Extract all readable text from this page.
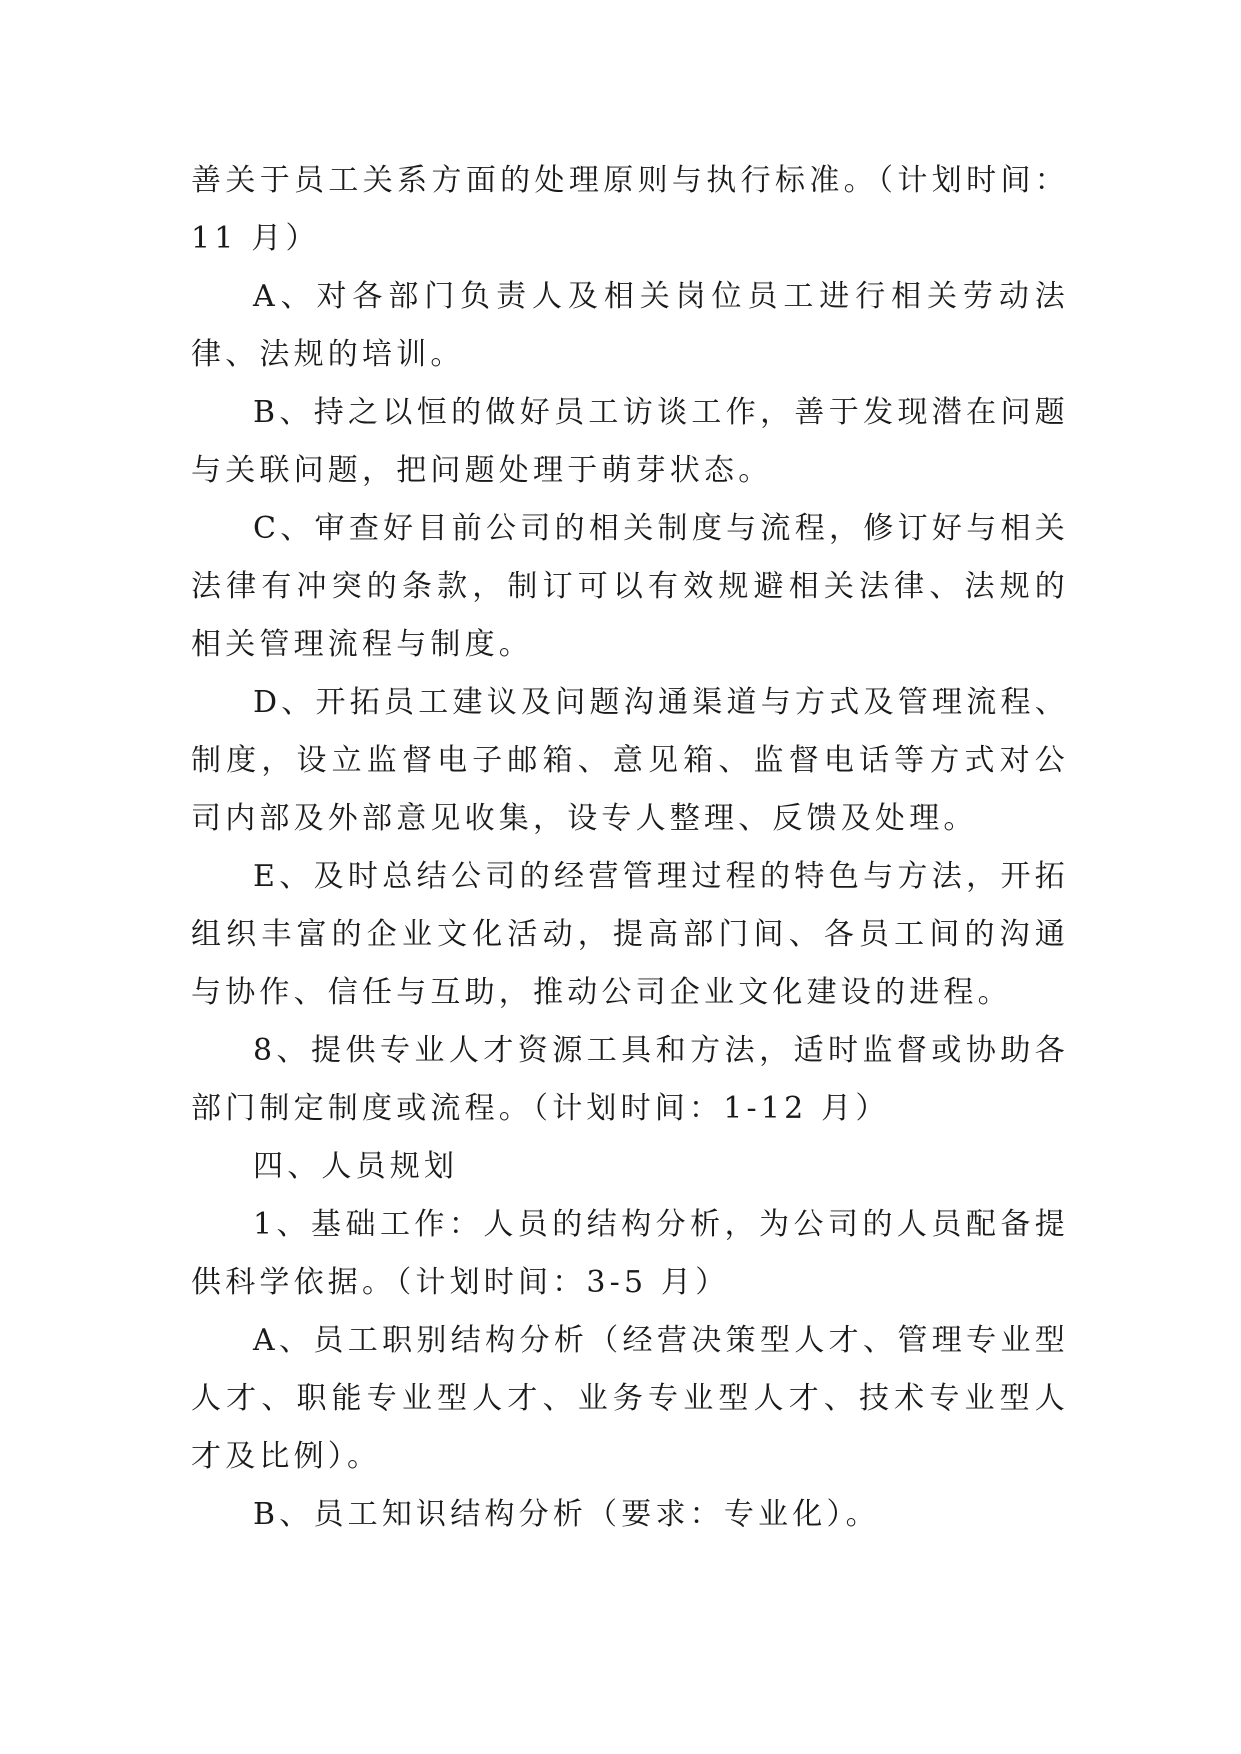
善关于员工关系方面的处理原则与执行标准。（计划时间：11 月）

A、对各部门负责人及相关岗位员工进行相关劳动法律、法规的培训。

B、持之以恒的做好员工访谈工作，善于发现潜在问题与关联问题，把问题处理于萌芽状态。

C、审查好目前公司的相关制度与流程，修订好与相关法律有冲突的条款，制订可以有效规避相关法律、法规的相关管理流程与制度。

D、开拓员工建议及问题沟通渠道与方式及管理流程、制度，设立监督电子邮箱、意见箱、监督电话等方式对公司内部及外部意见收集，设专人整理、反馈及处理。

E、及时总结公司的经营管理过程的特色与方法，开拓组织丰富的企业文化活动，提高部门间、各员工间的沟通与协作、信任与互助，推动公司企业文化建设的进程。

8、提供专业人才资源工具和方法，适时监督或协助各部门制定制度或流程。（计划时间：1-12 月）

四、人员规划

1、基础工作：人员的结构分析，为公司的人员配备提供科学依据。（计划时间：3-5 月）

A、员工职别结构分析（经营决策型人才、管理专业型人才、职能专业型人才、业务专业型人才、技术专业型人才及比例）。

B、员工知识结构分析（要求：专业化）。
